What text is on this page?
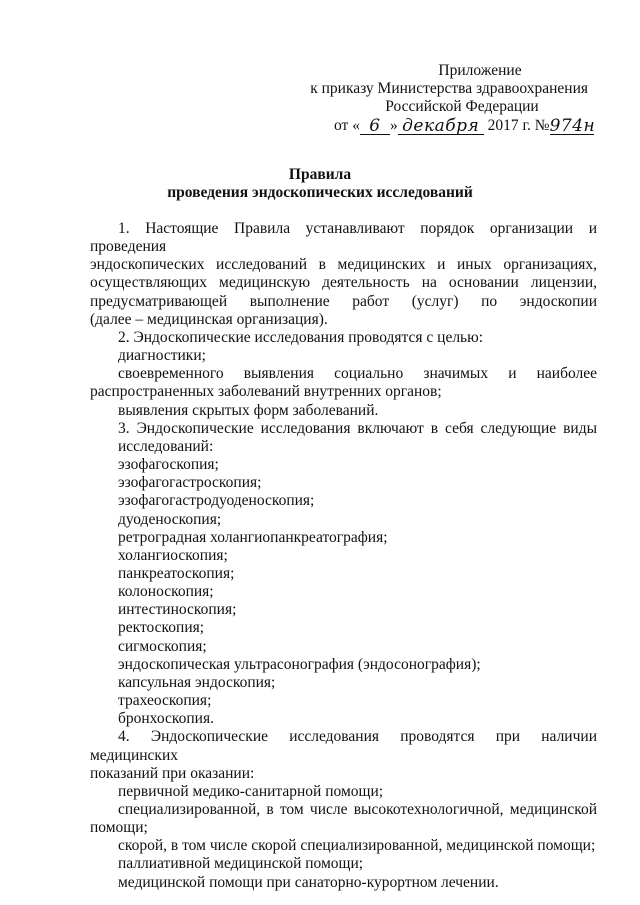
Приложение
к приказу Министерства здравоохранения
Российской Федерации
от « 6 » декабря 2017 г. №974н
Правила
проведения эндоскопических исследований
1. Настоящие Правила устанавливают порядок организации и проведения
эндоскопических исследований в медицинских и иных организациях,
осуществляющих медицинскую деятельность на основании лицензии,
предусматривающей выполнение работ (услуг) по эндоскопии
(далее – медицинская организация).
2. Эндоскопические исследования проводятся с целью:
диагностики;
своевременного выявления социально значимых и наиболее
распространенных заболеваний внутренних органов;
выявления скрытых форм заболеваний.
3. Эндоскопические исследования включают в себя следующие виды
исследований:
эзофагоскопия;
эзофагогастроскопия;
эзофагогастродуоденоскопия;
дуоденоскопия;
ретроградная холангиопанкреатография;
холангиоскопия;
панкреатоскопия;
колоноскопия;
интестиноскопия;
ректоскопия;
сигмоскопия;
эндоскопическая ультрасонография (эндосонография);
капсульная эндоскопия;
трахеоскопия;
бронхоскопия.
4. Эндоскопические исследования проводятся при наличии медицинских
показаний при оказании:
первичной медико-санитарной помощи;
специализированной, в том числе высокотехнологичной, медицинской
помощи;
скорой, в том числе скорой специализированной, медицинской помощи;
паллиативной медицинской помощи;
медицинской помощи при санаторно-курортном лечении.
